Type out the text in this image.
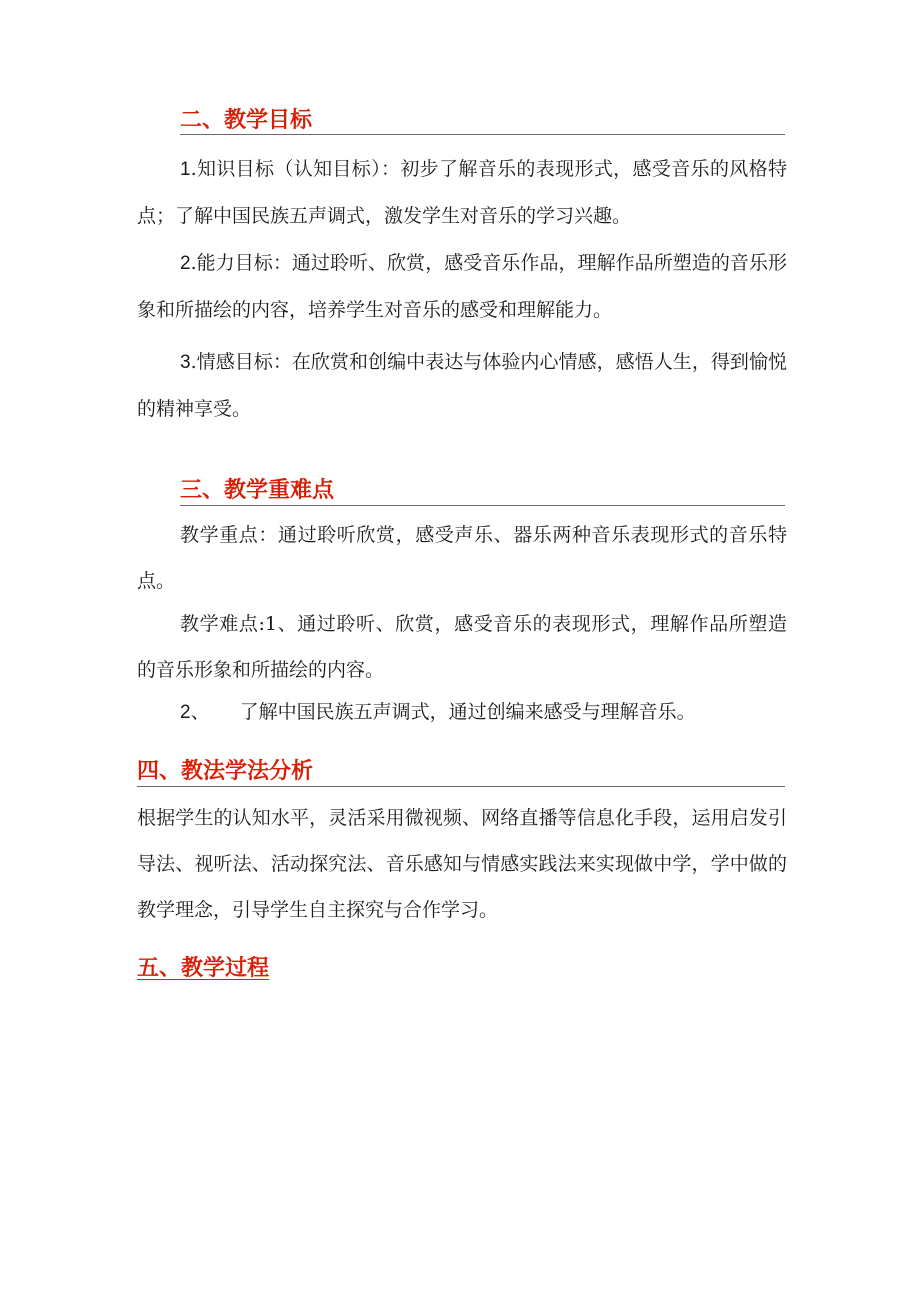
二、教学目标
1.知识目标（认知目标）：初步了解音乐的表现形式，感受音乐的风格特点；了解中国民族五声调式，激发学生对音乐的学习兴趣。
2.能力目标：通过聆听、欣赏，感受音乐作品，理解作品所塑造的音乐形象和所描绘的内容，培养学生对音乐的感受和理解能力。
3.情感目标：在欣赏和创编中表达与体验内心情感，感悟人生，得到愉悦的精神享受。
三、教学重难点
教学重点：通过聆听欣赏，感受声乐、器乐两种音乐表现形式的音乐特点。
教学难点:1、通过聆听、欣赏，感受音乐的表现形式，理解作品所塑造的音乐形象和所描绘的内容。
2、 了解中国民族五声调式，通过创编来感受与理解音乐。
四、教法学法分析
根据学生的认知水平，灵活采用微视频、网络直播等信息化手段，运用启发引导法、视听法、活动探究法、音乐感知与情感实践法来实现做中学，学中做的教学理念，引导学生自主探究与合作学习。
五、教学过程
